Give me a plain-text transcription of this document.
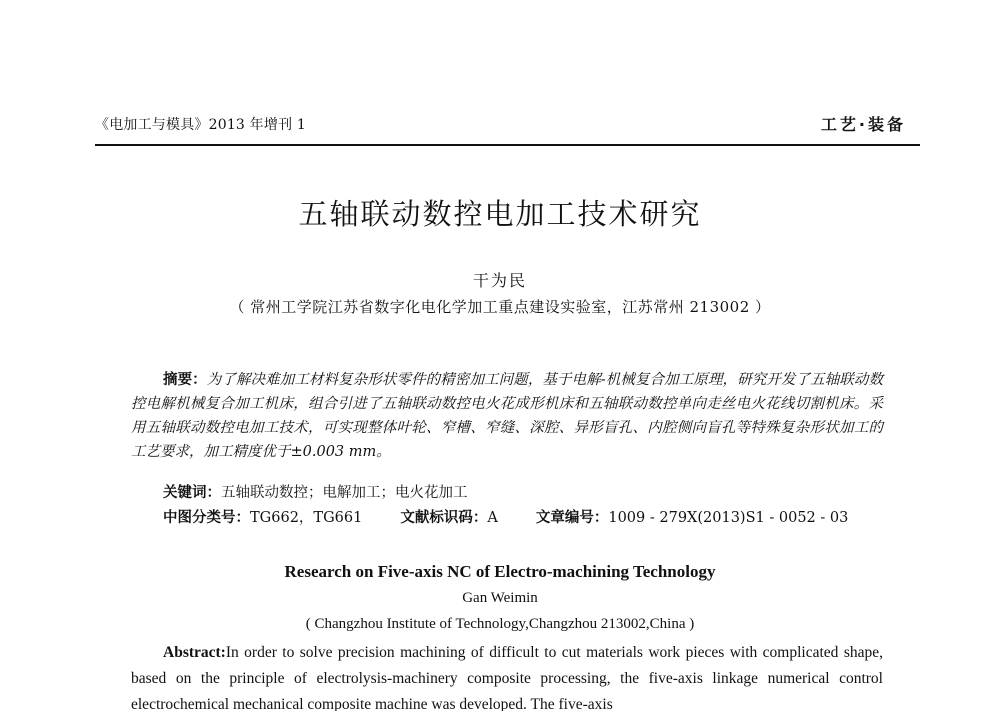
《电加工与模具》2013 年增刊 1	工艺·装备
五轴联动数控电加工技术研究
干为民
（ 常州工学院江苏省数字化电化学加工重点建设实验室，江苏常州 213002 ）
摘要：为了解决难加工材料复杂形状零件的精密加工问题，基于电解-机械复合加工原理，研究开发了五轴联动数控电解机械复合加工机床，组合引进了五轴联动数控电火花成形机床和五轴联动数控单向走丝电火花线切割机床。采用五轴联动数控电加工技术，可实现整体叶轮、窄槽、窄缝、深腔、异形盲孔、内腔侧向盲孔等特殊复杂形状加工的工艺要求，加工精度优于±0.003 mm。
关键词：五轴联动数控；电解加工；电火花加工
中图分类号：TG662，TG661	文献标识码：A	文章编号：1009 - 279X(2013)S1 - 0052 - 03
Research on Five-axis NC of Electro-machining Technology
Gan Weimin
( Changzhou Institute of Technology,Changzhou 213002,China )
Abstract:In order to solve precision machining of difficult to cut materials work pieces with complicated shape, based on the principle of electrolysis-machinery composite processing, the five-axis linkage numerical control electrochemical mechanical composite machine was developed. The five-axis
